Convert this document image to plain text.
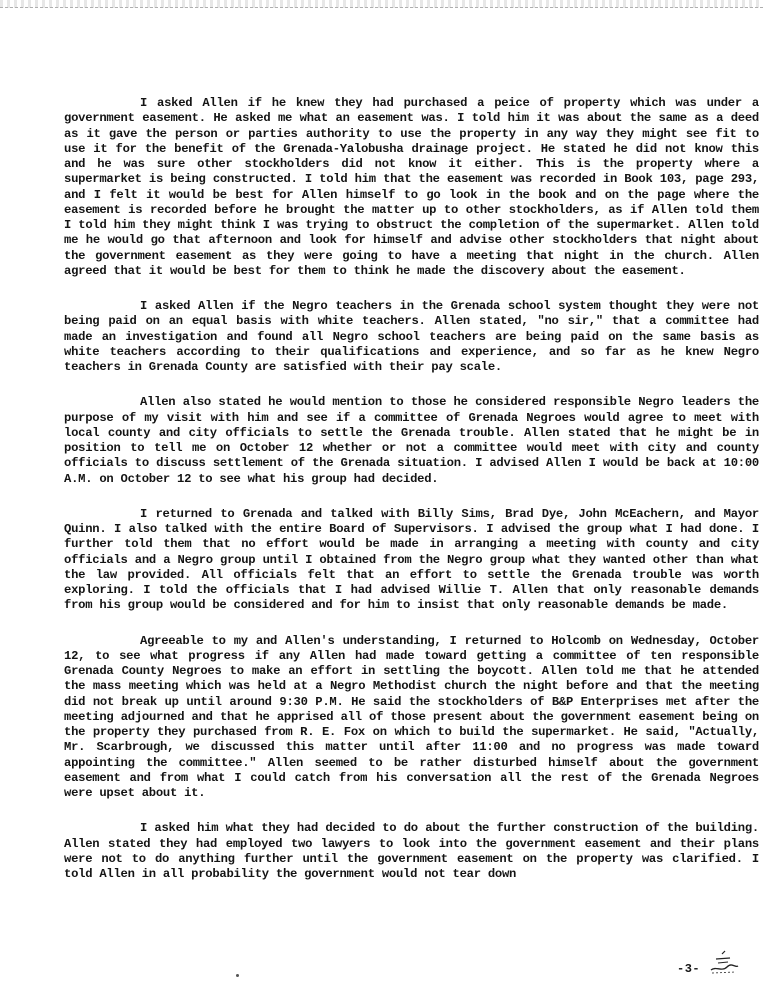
I asked Allen if he knew they had purchased a peice of property which was under a government easement. He asked me what an easement was. I told him it was about the same as a deed as it gave the person or parties authority to use the property in any way they might see fit to use it for the benefit of the Grenada-Yalobusha drainage project. He stated he did not know this and he was sure other stockholders did not know it either. This is the property where a supermarket is being constructed. I told him that the easement was recorded in Book 103, page 293, and I felt it would be best for Allen himself to go look in the book and on the page where the easement is recorded before he brought the matter up to other stockholders, as if Allen told them I told him they might think I was trying to obstruct the completion of the supermarket. Allen told me he would go that afternoon and look for himself and advise other stockholders that night about the government easement as they were going to have a meeting that night in the church. Allen agreed that it would be best for them to think he made the discovery about the easement.

I asked Allen if the Negro teachers in the Grenada school system thought they were not being paid on an equal basis with white teachers. Allen stated, "no sir," that a committee had made an investigation and found all Negro school teachers are being paid on the same basis as white teachers according to their qualifications and experience, and so far as he knew Negro teachers in Grenada County are satisfied with their pay scale.

Allen also stated he would mention to those he considered responsible Negro leaders the purpose of my visit with him and see if a committee of Grenada Negroes would agree to meet with local county and city officials to settle the Grenada trouble. Allen stated that he might be in position to tell me on October 12 whether or not a committee would meet with city and county officials to discuss settlement of the Grenada situation. I advised Allen I would be back at 10:00 A.M. on October 12 to see what his group had decided.

I returned to Grenada and talked with Billy Sims, Brad Dye, John McEachern, and Mayor Quinn. I also talked with the entire Board of Supervisors. I advised the group what I had done. I further told them that no effort would be made in arranging a meeting with county and city officials and a Negro group until I obtained from the Negro group what they wanted other than what the law provided. All officials felt that an effort to settle the Grenada trouble was worth exploring. I told the officials that I had advised Willie T. Allen that only reasonable demands from his group would be considered and for him to insist that only reasonable demands be made.

Agreeable to my and Allen's understanding, I returned to Holcomb on Wednesday, October 12, to see what progress if any Allen had made toward getting a committee of ten responsible Grenada County Negroes to make an effort in settling the boycott. Allen told me that he attended the mass meeting which was held at a Negro Methodist church the night before and that the meeting did not break up until around 9:30 P.M. He said the stockholders of B&P Enterprises met after the meeting adjourned and that he apprised all of those present about the government easement being on the property they purchased from R. E. Fox on which to build the supermarket. He said, "Actually, Mr. Scarbrough, we discussed this matter until after 11:00 and no progress was made toward appointing the committee." Allen seemed to be rather disturbed himself about the government easement and from what I could catch from his conversation all the rest of the Grenada Negroes were upset about it.

I asked him what they had decided to do about the further construction of the building. Allen stated they had employed two lawyers to look into the government easement and their plans were not to do anything further until the government easement on the property was clarified. I told Allen in all probability the government would not tear down

-3-
